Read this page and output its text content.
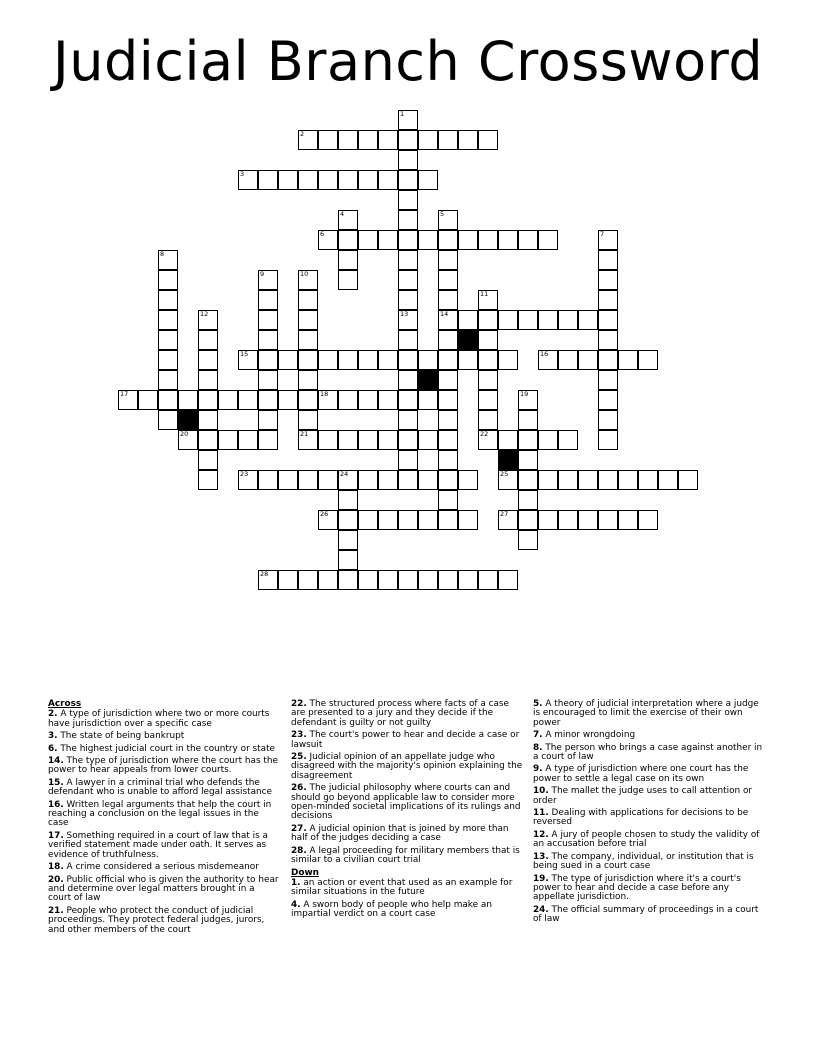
Judicial Branch Crossword
2
3
6
14
15	16
17	18
20	21	22
23	25
26	27
28
1
4	5
7
8
9	10
11
12	13
19
24
Across
2. A type of jurisdiction where two or more courts have jurisdiction over a specific case
3. The state of being bankrupt
6. The highest judicial court in the country or state
14. The type of jurisdiction where the court has the power to hear appeals from lower courts.
15. A lawyer in a criminal trial who defends the defendant who is unable to afford legal assistance
16. Written legal arguments that help the court in reaching a conclusion on the legal issues in the case
17. Something required in a court of law that is a verified statement made under oath. It serves as evidence of truthfulness.
18. A crime considered a serious misdemeanor
20. Public official who is given the authority to hear and determine over legal matters brought in a court of law
21. People who protect the conduct of judicial proceedings. They protect federal judges, jurors, and other members of the court
22. The structured process where facts of a case are presented to a jury and they decide if the defendant is guilty or not guilty
23. The court's power to hear and decide a case or lawsuit
25. Judicial opinion of an appellate judge who disagreed with the majority's opinion explaining the disagreement
26. The judicial philosophy where courts can and should go beyond applicable law to consider more open-minded societal implications of its rulings and decisions
27. A judicial opinion that is joined by more than half of the judges deciding a case
28. A legal proceeding for military members that is similar to a civilian court trial
Down
1. an action or event that used as an example for similar situations in the future
4. A sworn body of people who help make an impartial verdict on a court case
5. A theory of judicial interpretation where a judge is encouraged to limit the exercise of their own power
7. A minor wrongdoing
8. The person who brings a case against another in a court of law
9. A type of jurisdiction where one court has the power to settle a legal case on its own
10. The mallet the judge uses to call attention or order
11. Dealing with applications for decisions to be reversed
12. A jury of people chosen to study the validity of an accusation before trial
13. The company, individual, or institution that is being sued in a court case
19. The type of jurisdiction where it's a court's power to hear and decide a case before any appellate jurisdiction.
24. The official summary of proceedings in a court of law
